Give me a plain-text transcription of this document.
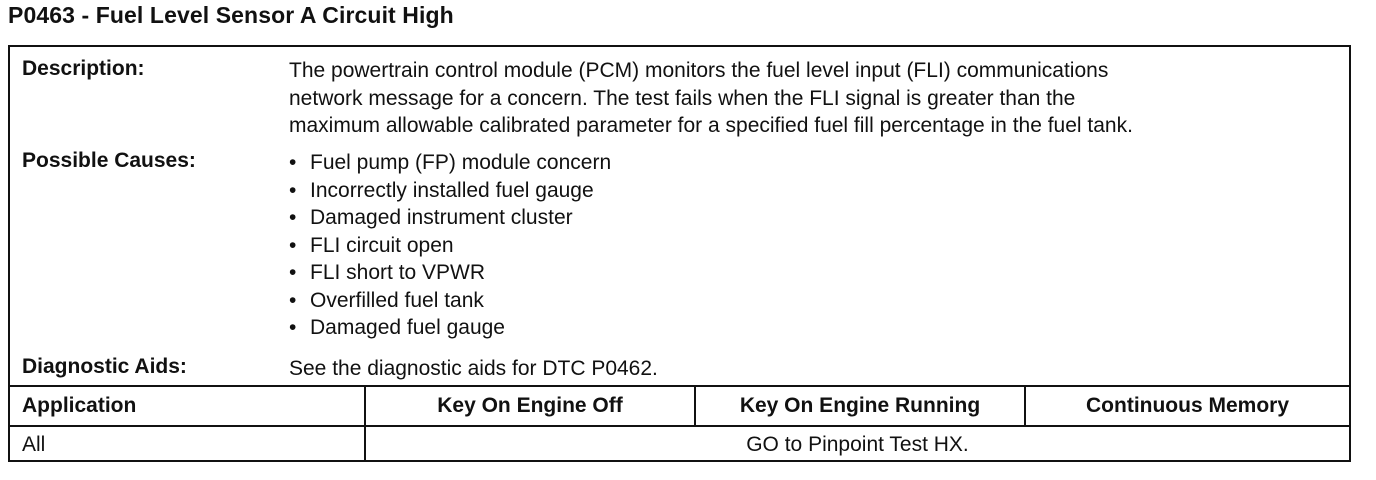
P0463 - Fuel Level Sensor A Circuit High
Description:	The powertrain control module (PCM) monitors the fuel level input (FLI) communications
network message for a concern. The test fails when the FLI signal is greater than the
maximum allowable calibrated parameter for a specified fuel fill percentage in the fuel tank.
Possible Causes:
•	Fuel pump (FP) module concern
• Incorrectly installed fuel gauge
• Damaged instrument cluster
• FLI circuit open
• FLI short to VPWR
• Overfilled fuel tank
• Damaged fuel gauge
Diagnostic Aids:	See the diagnostic aids for DTC P0462.
Application	Key On Engine Off	Key On Engine Running	Continuous Memory
All	GO to Pinpoint Test HX.
